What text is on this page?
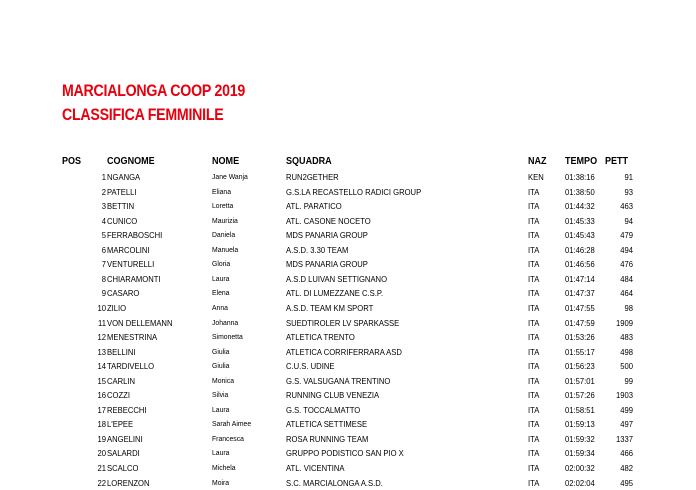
MARCIALONGA COOP 2019
CLASSIFICA FEMMINILE
POS COGNOME	NOME	SQUADRA	NAZ TEMPO PETT
1 NGANGA	Jane Wanja	RUN2GETHER	KEN	01:38:16	91
2 PATELLI	Eliana	G.S.LA RECASTELLO RADICI GROUP	ITA	01:38:50	93
3 BETTIN	Loretta	ATL. PARATICO	ITA	01:44:32	463
4 CUNICO	Maurizia	ATL. CASONE NOCETO	ITA	01:45:33	94
5 FERRABOSCHI	Daniela	MDS PANARIA GROUP	ITA	01:45:43	479
6 MARCOLINI	Manuela	A.S.D. 3.30 TEAM	ITA	01:46:28	494
7 VENTURELLI	Gloria	MDS PANARIA GROUP	ITA	01:46:56	476
8 CHIARAMONTI	Laura	A.S.D LUIVAN SETTIGNANO	ITA	01:47:14	484
9 CASARO	Elena	ATL. DI LUMEZZANE C.S.P.	ITA	01:47:37	464
10 ZILIO	Anna	A.S.D. TEAM KM SPORT	ITA	01:47:55	98
11 VON DELLEMANN	Johanna	SUEDTIROLER LV SPARKASSE	ITA	01:47:59	1909
12 MENESTRINA	Simonetta	ATLETICA TRENTO	ITA	01:53:26	483
13 BELLINI	Giulia	ATLETICA CORRIFERRARA ASD	ITA	01:55:17	498
14 TARDIVELLO	Giulia	C.U.S. UDINE	ITA	01:56:23	500
15 CARLIN	Monica	G.S. VALSUGANA TRENTINO	ITA	01:57:01	99
16 COZZI	Silvia	RUNNING CLUB VENEZIA	ITA	01:57:26	1903
17 REBECCHI	Laura	G.S. TOCCALMATTO	ITA	01:58:51	499
18 L'EPEE	Sarah Aimee	ATLETICA SETTIMESE	ITA	01:59:13	497
19 ANGELINI	Francesca	ROSA RUNNING TEAM	ITA	01:59:32	1337
20 SALARDI	Laura	GRUPPO PODISTICO SAN PIO X	ITA	01:59:34	466
21 SCALCO	Michela	ATL. VICENTINA	ITA	02:00:32	482
22 LORENZON	Moira	S.C. MARCIALONGA A.S.D.	ITA	02:02:04	495
